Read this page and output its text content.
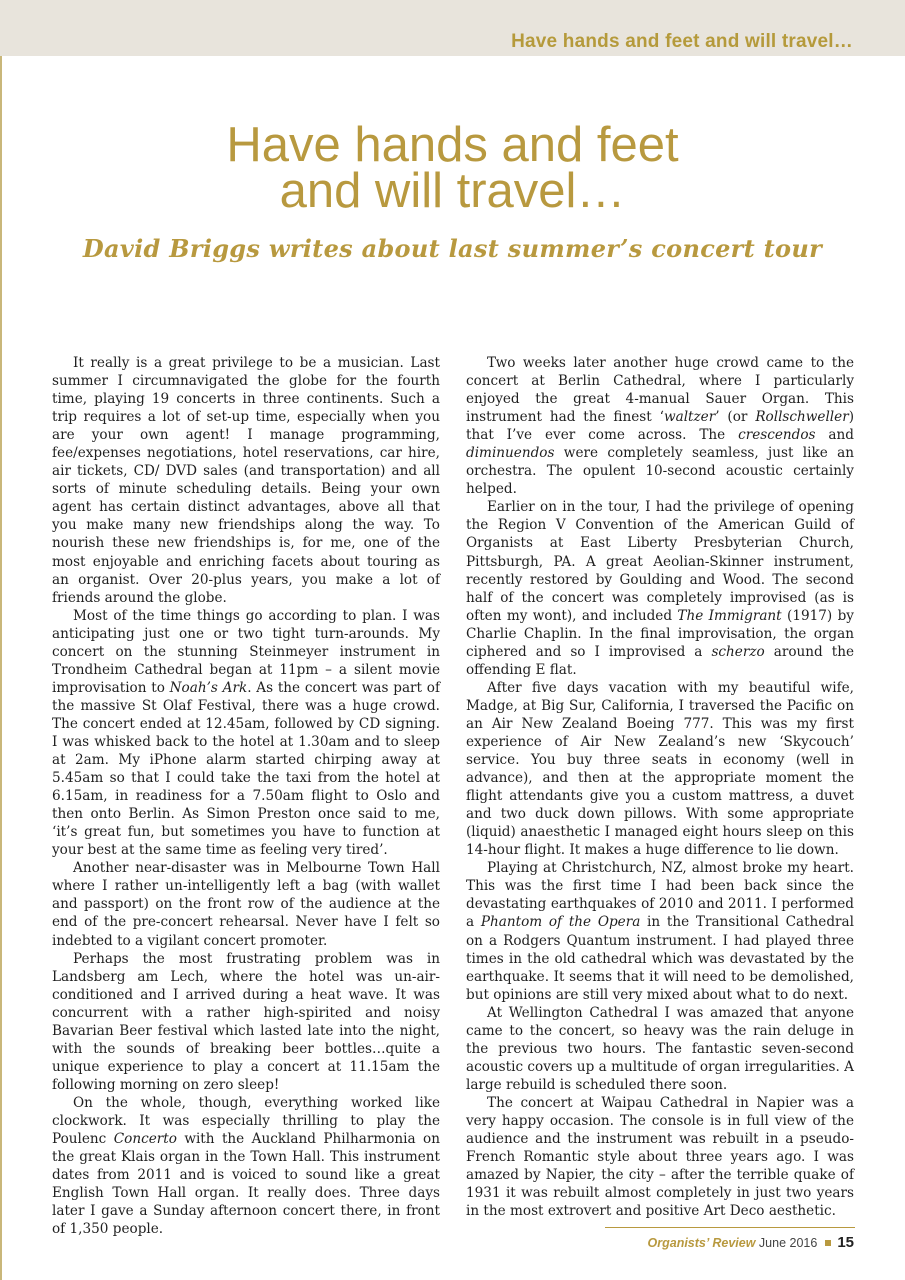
Have hands and feet and will travel…
Have hands and feet
and will travel…
David Briggs writes about last summer’s concert tour

It really is a great privilege to be a musician. Last summer I circumnavigated the globe for the fourth time, playing 19 concerts in three continents. Such a trip requires a lot of set-up time, especially when you are your own agent! I manage programming, fee/expenses negotiations, hotel reservations, car hire, air tickets, CD/ DVD sales (and transportation) and all sorts of minute scheduling details. Being your own agent has certain distinct advantages, above all that you make many new friendships along the way. To nourish these new friendships is, for me, one of the most enjoyable and enriching facets about touring as an organist. Over 20-plus years, you make a lot of friends around the globe.

Most of the time things go according to plan. I was anticipating just one or two tight turn-arounds. My concert on the stunning Steinmeyer instrument in Trondheim Cathedral began at 11pm – a silent movie improvisation to Noah’s Ark. As the concert was part of the massive St Olaf Festival, there was a huge crowd. The concert ended at 12.45am, followed by CD signing. I was whisked back to the hotel at 1.30am and to sleep at 2am. My iPhone alarm started chirping away at 5.45am so that I could take the taxi from the hotel at 6.15am, in readiness for a 7.50am flight to Oslo and then onto Berlin. As Simon Preston once said to me, ‘it’s great fun, but sometimes you have to function at your best at the same time as feeling very tired’.

Another near-disaster was in Melbourne Town Hall where I rather un-intelligently left a bag (with wallet and passport) on the front row of the audience at the end of the pre-concert rehearsal. Never have I felt so indebted to a vigilant concert promoter.

Perhaps the most frustrating problem was in Landsberg am Lech, where the hotel was un-air-conditioned and I arrived during a heat wave. It was concurrent with a rather high-spirited and noisy Bavarian Beer festival which lasted late into the night, with the sounds of breaking beer bottles…quite a unique experience to play a concert at 11.15am the following morning on zero sleep!

On the whole, though, everything worked like clockwork. It was especially thrilling to play the Poulenc Concerto with the Auckland Philharmonia on the great Klais organ in the Town Hall. This instrument dates from 2011 and is voiced to sound like a great English Town Hall organ. It really does. Three days later I gave a Sunday afternoon concert there, in front of 1,350 people.

Two weeks later another huge crowd came to the concert at Berlin Cathedral, where I particularly enjoyed the great 4-manual Sauer Organ. This instrument had the finest ‘waltzer’ (or Rollschweller) that I’ve ever come across. The crescendos and diminuendos were completely seamless, just like an orchestra. The opulent 10-second acoustic certainly helped.

Earlier on in the tour, I had the privilege of opening the Region V Convention of the American Guild of Organists at East Liberty Presbyterian Church, Pittsburgh, PA. A great Aeolian-Skinner instrument, recently restored by Goulding and Wood. The second half of the concert was completely improvised (as is often my wont), and included The Immigrant (1917) by Charlie Chaplin. In the final improvisation, the organ ciphered and so I improvised a scherzo around the offending E flat.

After five days vacation with my beautiful wife, Madge, at Big Sur, California, I traversed the Pacific on an Air New Zealand Boeing 777. This was my first experience of Air New Zealand’s new ‘Skycouch’ service. You buy three seats in economy (well in advance), and then at the appropriate moment the flight attendants give you a custom mattress, a duvet and two duck down pillows. With some appropriate (liquid) anaesthetic I managed eight hours sleep on this 14-hour flight. It makes a huge difference to lie down.

Playing at Christchurch, NZ, almost broke my heart. This was the first time I had been back since the devastating earthquakes of 2010 and 2011. I performed a Phantom of the Opera in the Transitional Cathedral on a Rodgers Quantum instrument. I had played three times in the old cathedral which was devastated by the earthquake. It seems that it will need to be demolished, but opinions are still very mixed about what to do next.

At Wellington Cathedral I was amazed that anyone came to the concert, so heavy was the rain deluge in the previous two hours. The fantastic seven-second acoustic covers up a multitude of organ irregularities. A large rebuild is scheduled there soon.

The concert at Waipau Cathedral in Napier was a very happy occasion. The console is in full view of the audience and the instrument was rebuilt in a pseudo-French Romantic style about three years ago. I was amazed by Napier, the city – after the terrible quake of 1931 it was rebuilt almost completely in just two years in the most extrovert and positive Art Deco aesthetic.

Organists’ Review June 2016 15
